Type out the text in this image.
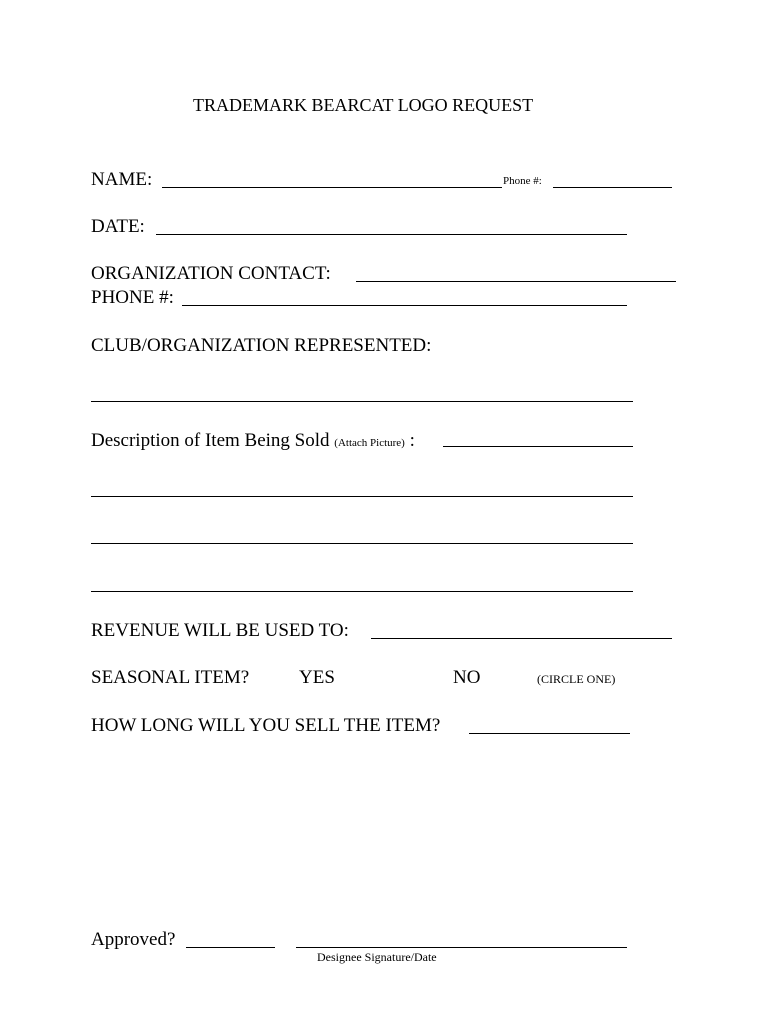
TRADEMARK BEARCAT LOGO REQUEST
NAME:	Phone #:
DATE:
ORGANIZATION CONTACT:
PHONE #:
CLUB/ORGANIZATION REPRESENTED:
Description of Item Being Sold (Attach Picture) :
REVENUE WILL BE USED TO:
SEASONAL ITEM?	YES	NO	(CIRCLE ONE)
HOW LONG WILL YOU SELL THE ITEM?
Approved?
Designee Signature/Date
